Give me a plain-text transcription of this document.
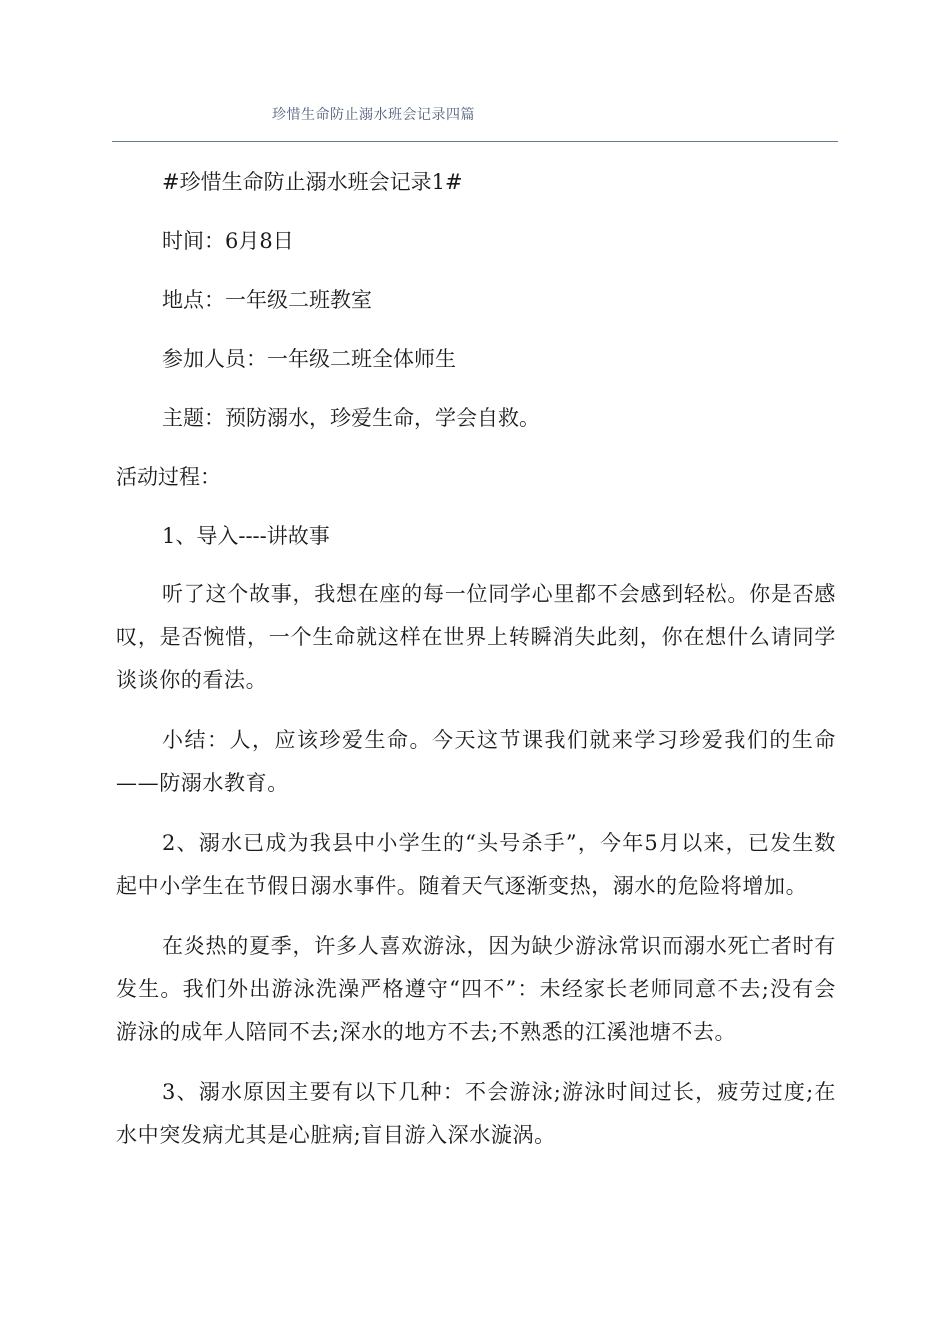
珍惜生命防止溺水班会记录四篇
#珍惜生命防止溺水班会记录1#
时间：6月8日
地点：一年级二班教室
参加人员：一年级二班全体师生
主题：预防溺水，珍爱生命，学会自救。
活动过程：
1、导入----讲故事

听了这个故事，我想在座的每一位同学心里都不会感到轻松。你是否感叹，是否惋惜，一个生命就这样在世界上转瞬消失此刻，你在想什么请同学谈谈你的看法。

小结：人，应该珍爱生命。今天这节课我们就来学习珍爱我们的生命——防溺水教育。

2、溺水已成为我县中小学生的“头号杀手”，今年5月以来，已发生数起中小学生在节假日溺水事件。随着天气逐渐变热，溺水的危险将增加。

在炎热的夏季，许多人喜欢游泳，因为缺少游泳常识而溺水死亡者时有发生。我们外出游泳洗澡严格遵守“四不”：未经家长老师同意不去;没有会游泳的成年人陪同不去;深水的地方不去;不熟悉的江溪池塘不去。

3、溺水原因主要有以下几种：不会游泳;游泳时间过长，疲劳过度;在水中突发病尤其是心脏病;盲目游入深水漩涡。
